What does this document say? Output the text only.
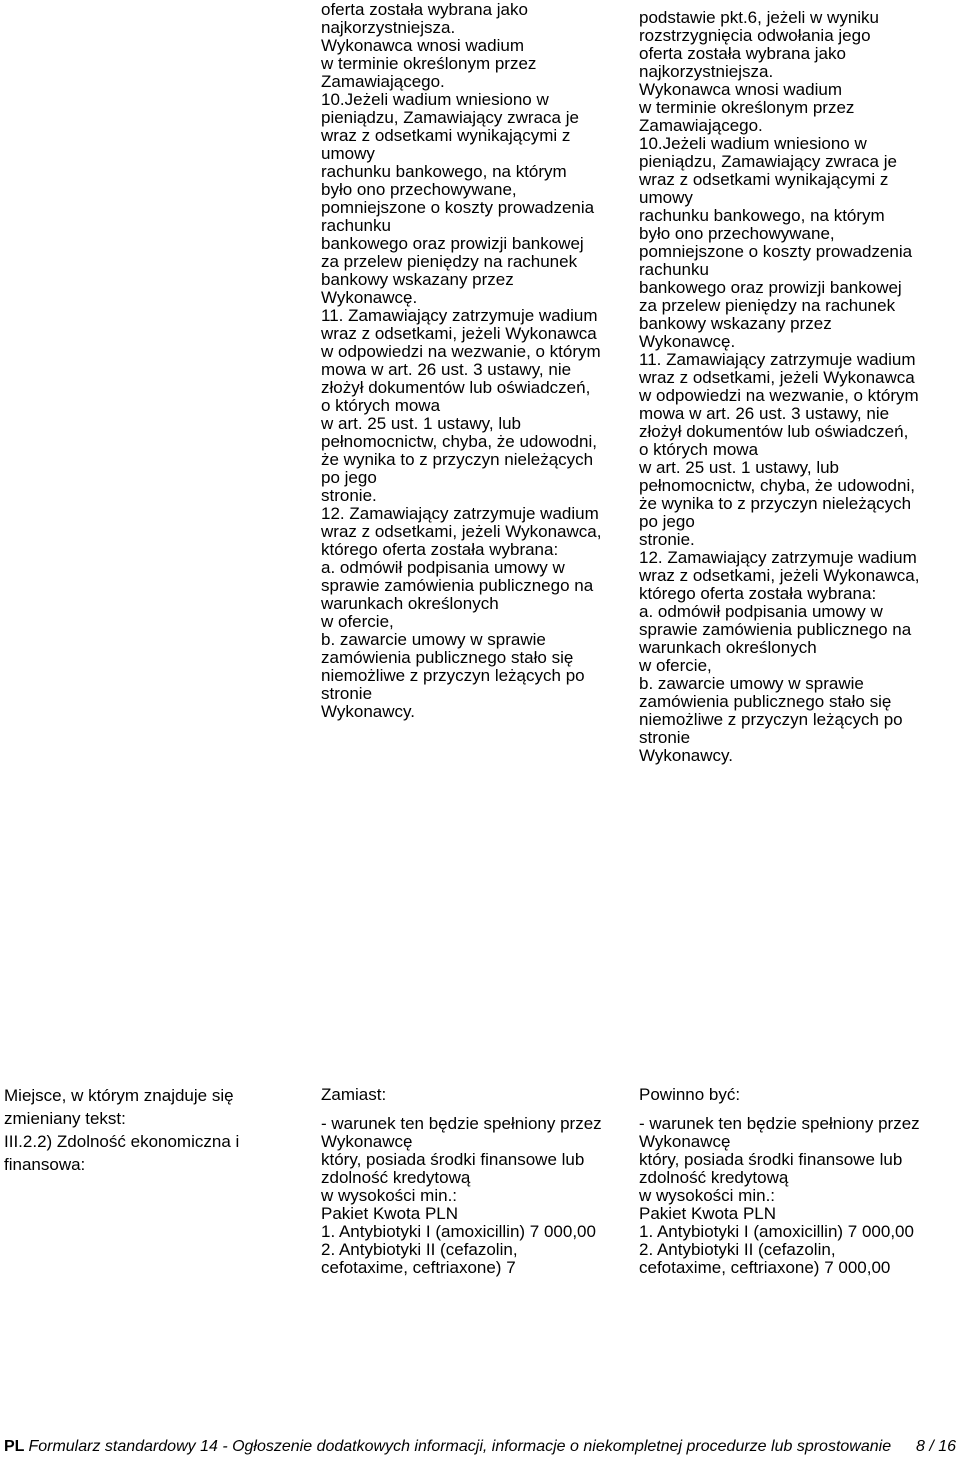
oferta została wybrana jako
najkorzystniejsza.
Wykonawca wnosi wadium
w terminie określonym przez
Zamawiającego.
10.Jeżeli wadium wniesiono w
pieniądzu, Zamawiający zwraca je
wraz z odsetkami wynikającymi z
umowy
rachunku bankowego, na którym
było ono przechowywane,
pomniejszone o koszty prowadzenia
rachunku
bankowego oraz prowizji bankowej
za przelew pieniędzy na rachunek
bankowy wskazany przez
Wykonawcę.
11. Zamawiający zatrzymuje wadium
wraz z odsetkami, jeżeli Wykonawca
w odpowiedzi na wezwanie, o którym
mowa w art. 26 ust. 3 ustawy, nie
złożył dokumentów lub oświadczeń,
o których mowa
w art. 25 ust. 1 ustawy, lub
pełnomocnictw, chyba, że udowodni,
że wynika to z przyczyn nieleżących
po jego
stronie.
12. Zamawiający zatrzymuje wadium
wraz z odsetkami, jeżeli Wykonawca,
którego oferta została wybrana:
a. odmówił podpisania umowy w
sprawie zamówienia publicznego na
warunkach określonych
w ofercie,
b. zawarcie umowy w sprawie
zamówienia publicznego stało się
niemożliwe z przyczyn leżących po
stronie
Wykonawcy.
podstawie pkt.6, jeżeli w wyniku
rozstrzygnięcia odwołania jego
oferta została wybrana jako
najkorzystniejsza.
Wykonawca wnosi wadium
w terminie określonym przez
Zamawiającego.
10.Jeżeli wadium wniesiono w
pieniądzu, Zamawiający zwraca je
wraz z odsetkami wynikającymi z
umowy
rachunku bankowego, na którym
było ono przechowywane,
pomniejszone o koszty prowadzenia
rachunku
bankowego oraz prowizji bankowej
za przelew pieniędzy na rachunek
bankowy wskazany przez
Wykonawcę.
11. Zamawiający zatrzymuje wadium
wraz z odsetkami, jeżeli Wykonawca
w odpowiedzi na wezwanie, o którym
mowa w art. 26 ust. 3 ustawy, nie
złożył dokumentów lub oświadczeń,
o których mowa
w art. 25 ust. 1 ustawy, lub
pełnomocnictw, chyba, że udowodni,
że wynika to z przyczyn nieleżących
po jego
stronie.
12. Zamawiający zatrzymuje wadium
wraz z odsetkami, jeżeli Wykonawca,
którego oferta została wybrana:
a. odmówił podpisania umowy w
sprawie zamówienia publicznego na
warunkach określonych
w ofercie,
b. zawarcie umowy w sprawie
zamówienia publicznego stało się
niemożliwe z przyczyn leżących po
stronie
Wykonawcy.
Miejsce, w którym znajduje się
zmieniany tekst:
III.2.2) Zdolność ekonomiczna i
finansowa:
Zamiast:	Powinno być:
- warunek ten będzie spełniony przez
Wykonawcę
który, posiada środki finansowe lub
zdolność kredytową
w wysokości min.:
Pakiet Kwota PLN
1. Antybiotyki I (amoxicillin) 7 000,00
2. Antybiotyki II (cefazolin,
cefotaxime, ceftriaxone) 7
- warunek ten będzie spełniony przez
Wykonawcę
który, posiada środki finansowe lub
zdolność kredytową
w wysokości min.:
Pakiet Kwota PLN
1. Antybiotyki I (amoxicillin) 7 000,00
2. Antybiotyki II (cefazolin,
cefotaxime, ceftriaxone) 7 000,00
PL Formularz standardowy 14 - Ogłoszenie dodatkowych informacji, informacje o niekompletnej procedurze lub sprostowanie 8 / 16
